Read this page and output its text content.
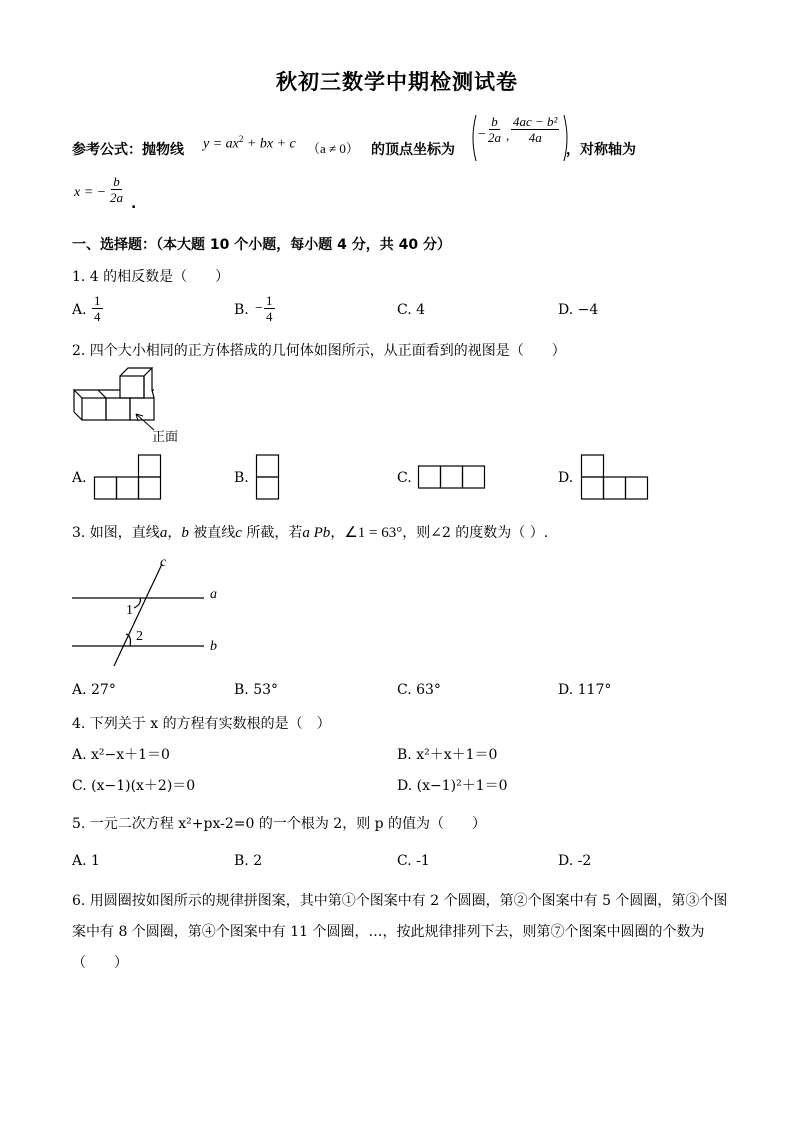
秋初三数学中期检测试卷
参考公式：抛物线 $y = ax^2$ + bx + c （a ≠ 0） 的顶点坐标为
− $\frac{b}{2a}$ , $\frac{\text{4ac − b²}}{4a}$
，对称轴为
x = − $\frac{b}{2a}$ .
一、选择题：（本大题 10 个小题，每小题 4 分，共 40 分）
1. 4 的相反数是（　　）
A. $\frac{1}{4}$	B. − $\frac{1}{4}$	C. 4	D. −4
2. 四个大小相同的正方体搭成的几何体如图所示，从正面看到的视图是（　　）
正面
A.	B.	C.	D.
3. 如图，直线a，b 被直线c 所截，若a Pb，∠1 = 63°，则∠2 的度数为（ ）.
c
a
b
1
2
A. 27°	B. 53°	C. 63°	D. 117°
4. 下列关于 x 的方程有实数根的是（　）
A. x²−x＋1＝0	B. x²＋x＋1＝0
C. (x−1)(x＋2)＝0	D. (x−1)²＋1＝0
5. 一元二次方程 x²+px-2=0 的一个根为 2，则 p 的值为（　　）
A. 1	B. 2	C. -1	D. -2
6. 用圆圈按如图所示的规律拼图案，其中第①个图案中有 2 个圆圈，第②个图案中有 5 个圆圈，第③个图
案中有 8 个圆圈，第④个图案中有 11 个圆圈，…，按此规律排列下去，则第⑦个图案中圆圈的个数为
（　　）
